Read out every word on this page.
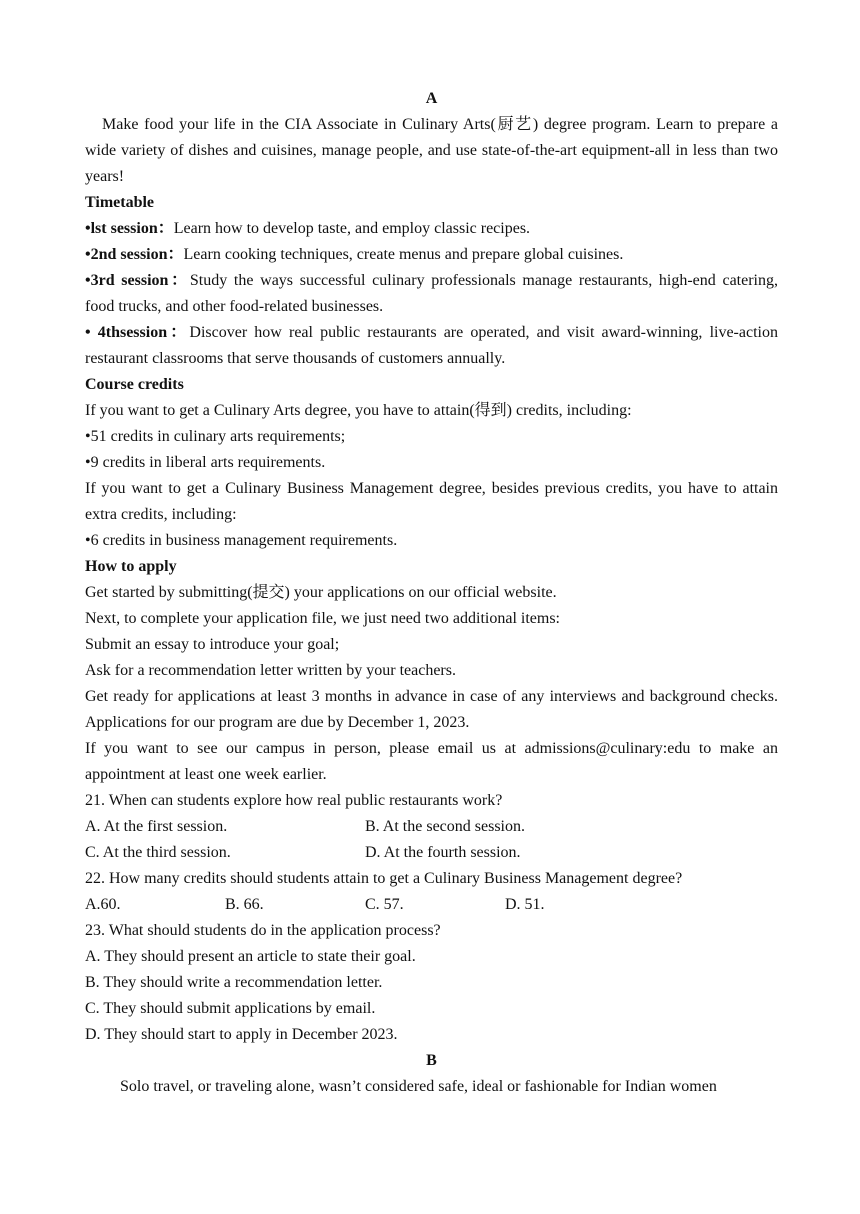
A
Make food your life in the CIA Associate in Culinary Arts(厨艺) degree program. Learn to prepare a wide variety of dishes and cuisines, manage people, and use state-of-the-art equipment-all in less than two years!
Timetable
•lst session：Learn how to develop taste, and employ classic recipes.
•2nd session：Learn cooking techniques, create menus and prepare global cuisines.
•3rd session：Study the ways successful culinary professionals manage restaurants, high-end catering, food trucks, and other food-related businesses.
• 4thsession：Discover how real public restaurants are operated, and visit award-winning, live-action restaurant classrooms that serve thousands of customers annually.
Course credits
If you want to get a Culinary Arts degree, you have to attain(得到) credits, including:
•51 credits in culinary arts requirements;
•9 credits in liberal arts requirements.
If you want to get a Culinary Business Management degree, besides previous credits, you have to attain extra credits, including:
•6 credits in business management requirements.
How to apply
Get started by submitting(提交) your applications on our official website.
Next, to complete your application file, we just need two additional items:
Submit an essay to introduce your goal;
Ask for a recommendation letter written by your teachers.
Get ready for applications at least 3 months in advance in case of any interviews and background checks. Applications for our program are due by December 1, 2023.
If you want to see our campus in person, please email us at admissions@culinary:edu to make an appointment at least one week earlier.
21. When can students explore how real public restaurants work?
A. At the first session.	B. At the second session.
C. At the third session.	D. At the fourth session.
22. How many credits should students attain to get a Culinary Business Management degree?
A.60.	B. 66.	C. 57.	D. 51.
23. What should students do in the application process?
A. They should present an article to state their goal.
B. They should write a recommendation letter.
C. They should submit applications by email.
D. They should start to apply in December 2023.
B
Solo travel, or traveling alone, wasn’t considered safe, ideal or fashionable for Indian women
